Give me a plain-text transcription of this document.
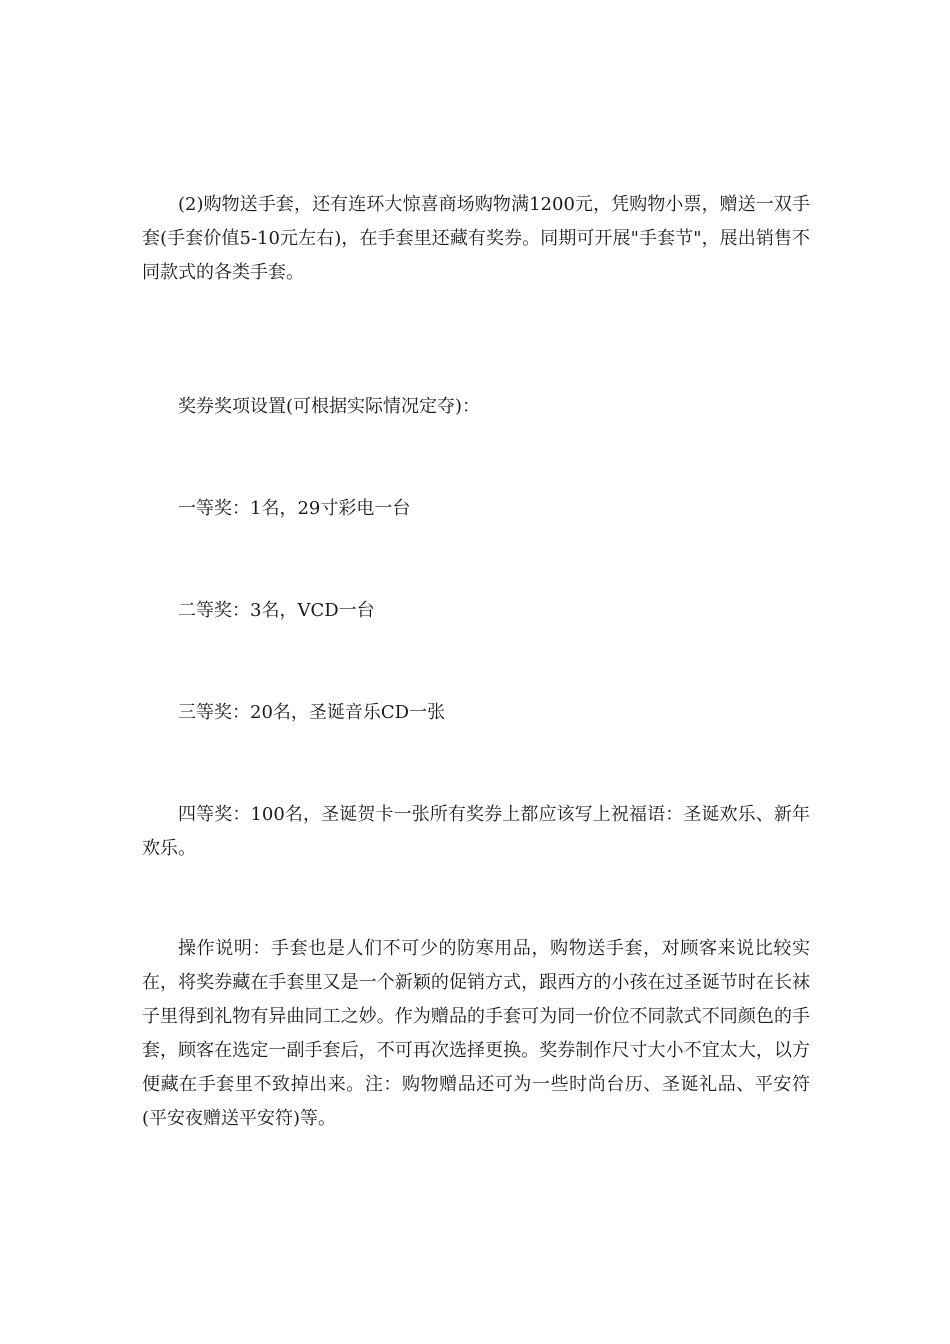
(2)购物送手套，还有连环大惊喜商场购物满1200元，凭购物小票，赠送一双手套(手套价值5-10元左右)，在手套里还藏有奖券。同期可开展"手套节"，展出销售不同款式的各类手套。

奖券奖项设置(可根据实际情况定夺)：

一等奖：1名，29寸彩电一台

二等奖：3名，VCD一台

三等奖：20名，圣诞音乐CD一张

四等奖：100名，圣诞贺卡一张所有奖券上都应该写上祝福语：圣诞欢乐、新年欢乐。

操作说明：手套也是人们不可少的防寒用品，购物送手套，对顾客来说比较实在，将奖券藏在手套里又是一个新颖的促销方式，跟西方的小孩在过圣诞节时在长袜子里得到礼物有异曲同工之妙。作为赠品的手套可为同一价位不同款式不同颜色的手套，顾客在选定一副手套后，不可再次选择更换。奖券制作尺寸大小不宜太大，以方便藏在手套里不致掉出来。注：购物赠品还可为一些时尚台历、圣诞礼品、平安符(平安夜赠送平安符)等。
